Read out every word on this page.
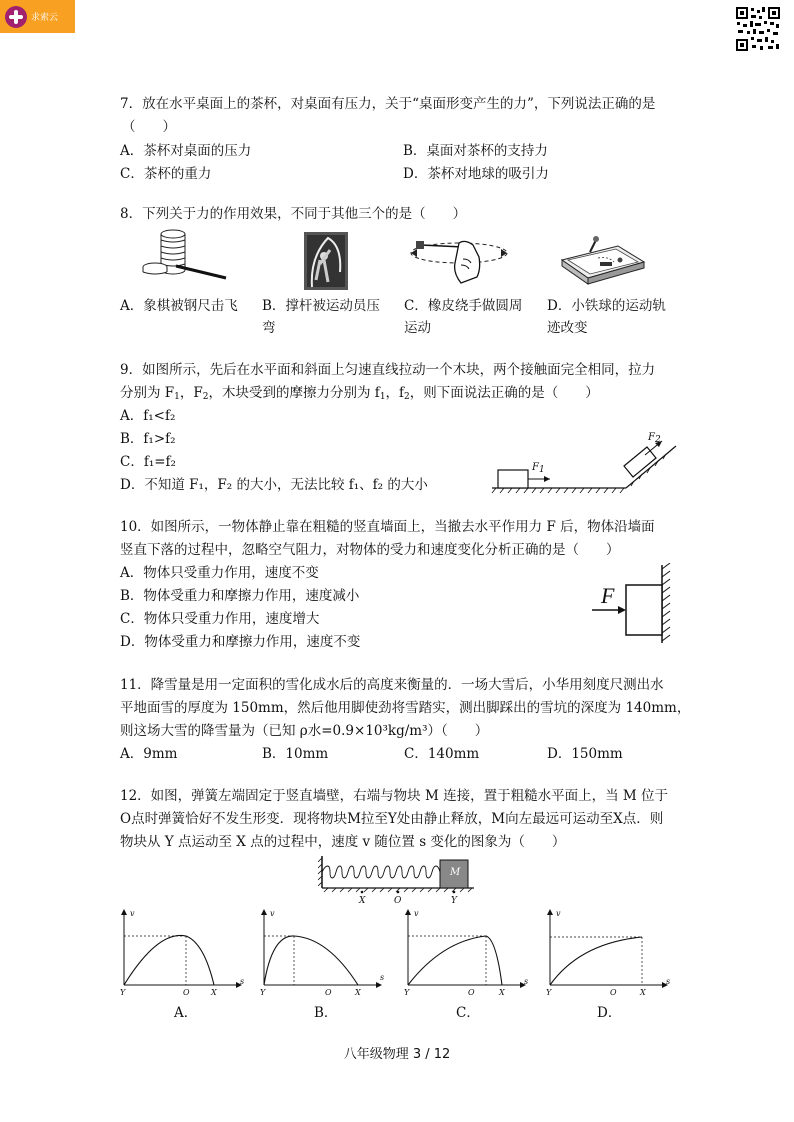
求索云
7．放在水平桌面上的茶杯，对桌面有压力，关于“桌面形变产生的力”，下列说法正确的是
（　　）
A．茶杯对桌面的压力	B．桌面对茶杯的支持力
C．茶杯的重力	D．茶杯对地球的吸引力
8．下列关于力的作用效果，不同于其他三个的是（　　）
A．象棋被钢尺击飞 B．撑杆被运动员压
弯
C．橡皮绕手做圆周
运动
D．小铁球的运动轨
迹改变
9．如图所示，先后在水平面和斜面上匀速直线拉动一个木块，两个接触面完全相同，拉力
分别为 $F_1$，$F_2$，木块受到的摩擦力分别为 $f_1$，$f_2$，则下面说法正确的是（　　）
A．f₁<f₂
B．f₁>f₂
C．f₁=f₂
D．不知道 F₁，F₂ 的大小，无法比较 f₁、f₂ 的大小
$F_1$
$F_2$
10．如图所示，一物体静止靠在粗糙的竖直墙面上，当撤去水平作用力 F 后，物体沿墙面
竖直下落的过程中，忽略空气阻力，对物体的受力和速度变化分析正确的是（　　）
A．物体只受重力作用，速度不变
B．物体受重力和摩擦力作用，速度减小
C．物体只受重力作用，速度增大
D．物体受重力和摩擦力作用，速度不变
F
11．降雪量是用一定面积的雪化成水后的高度来衡量的．一场大雪后，小华用刻度尺测出水
平地面雪的厚度为 150mm，然后他用脚使劲将雪踏实，测出脚踩出的雪坑的深度为 140mm，
则这场大雪的降雪量为（已知 ρ水=0.9×10³kg/m³）（　　）
A．9mm	B．10mm	C．140mm	D．150mm
12．如图，弹簧左端固定于竖直墙壁，右端与物块 M 连接，置于粗糙水平面上，当 M 位于
O点时弹簧恰好不发生形变．现将物块M拉至Y处由静止释放，M向左最远可运动至X点．则
物块从 Y 点运动至 X 点的过程中，速度 v 随位置 s 变化的图象为（　　）
M
X	O	Y
v
s
Y	O	X
v
s
Y	O	X
v
s
Y	O	X
v
s
Y	O	X
A．	B．	C．	D．
八年级物理 3 / 12
